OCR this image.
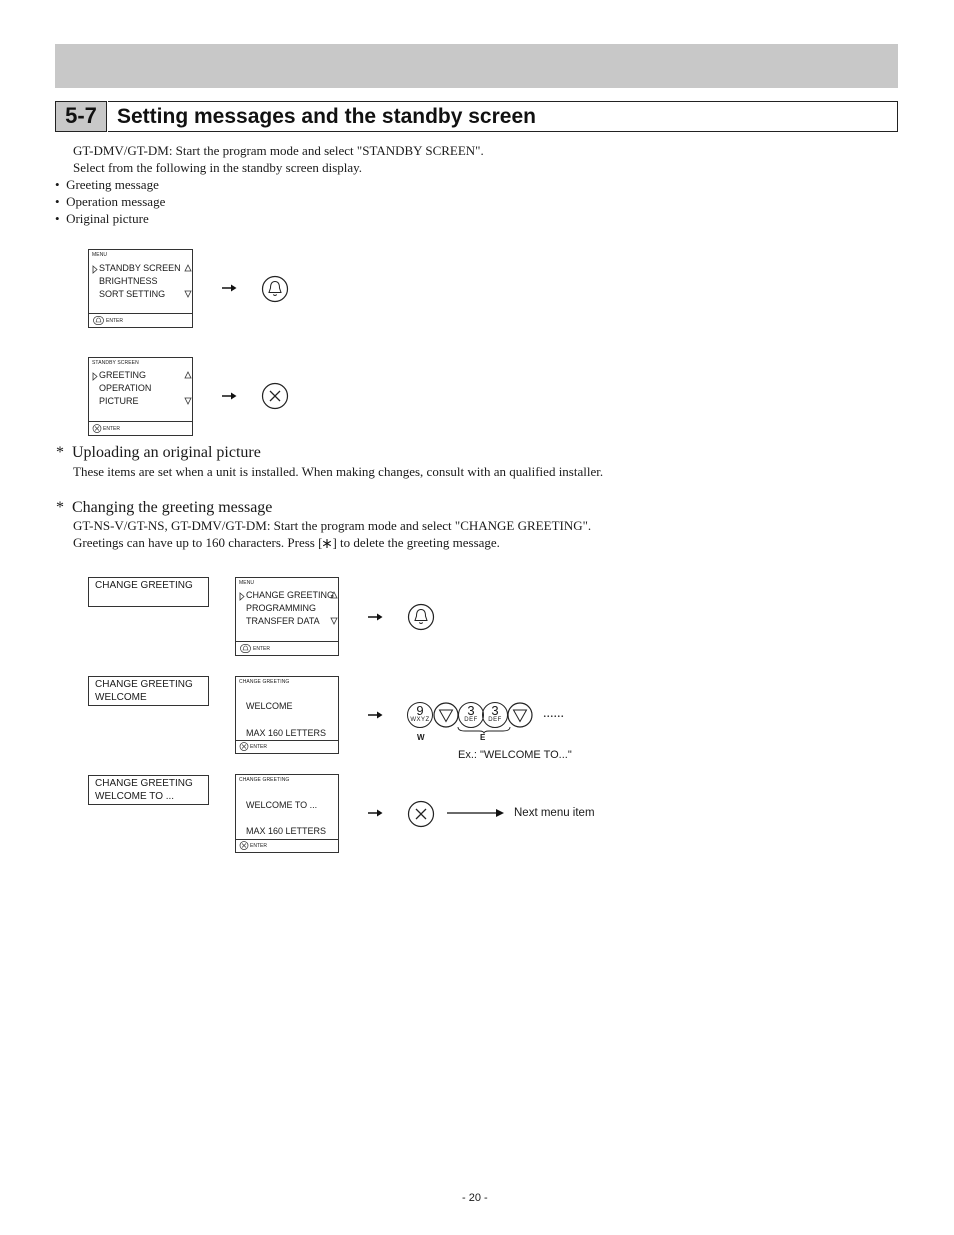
5-7 Setting messages and the standby screen
GT-DMV/GT-DM: Start the program mode and select "STANDBY SCREEN".
Select from the following in the standby screen display.
• Greeting message
• Operation message
• Original picture
MENU
STANDBY SCREEN
BRIGHTNESS
SORT SETTING
ENTER
STANDBY SCREEN
GREETING
OPERATION
PICTURE
ENTER
* Uploading an original picture
These items are set when a unit is installed. When making changes, consult with an qualified installer.
* Changing the greeting message
GT-NS-V/GT-NS, GT-DMV/GT-DM: Start the program mode and select "CHANGE GREETING".
Greetings can have up to 160 characters. Press [ ] to delete the greeting message.
CHANGE GREETING	MENU
CHANGE GREETING
PROGRAMMING
TRANSFER DATA
ENTER
CHANGE GREETING
WELCOME
CHANGE GREETING
WELCOME
MAX 160 LETTERS
ENTER
9
WXYZ
3
DEF
3
DEF	......
W	E
Ex.: "WELCOME TO..."
CHANGE GREETING
WELCOME TO ...
CHANGE GREETING
WELCOME TO ...
MAX 160 LETTERS
ENTER
Next menu item
- 20 -
